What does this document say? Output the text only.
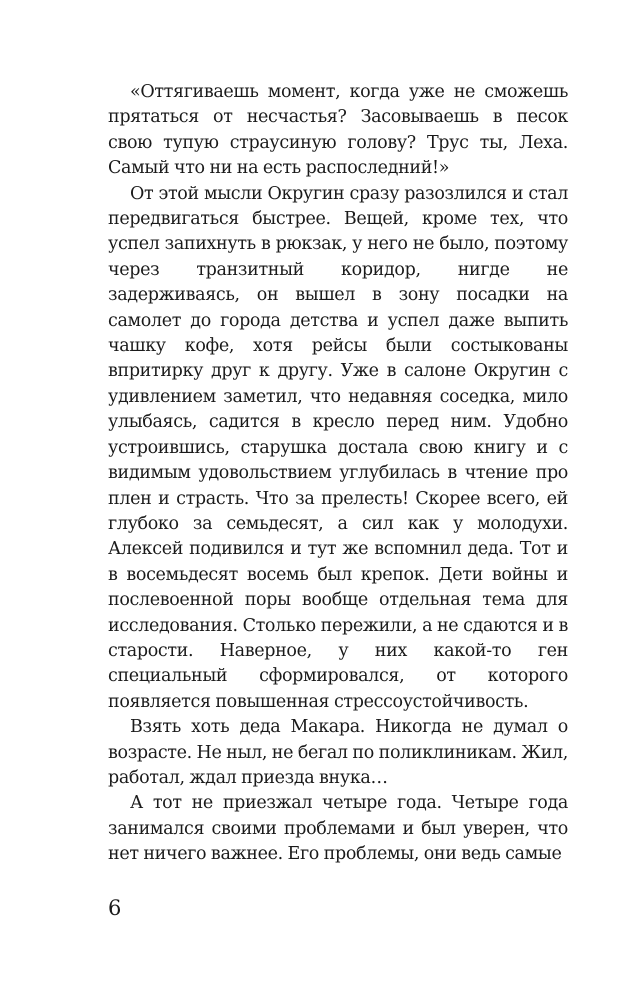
«Оттягиваешь момент, когда уже не сможешь прятаться от несчастья? Засовываешь в песок свою тупую страусиную голову? Трус ты, Леха. Самый что ни на есть распоследний!»

От этой мысли Округин сразу разозлился и стал передвигаться быстрее. Вещей, кроме тех, что успел запихнуть в рюкзак, у него не было, поэтому через транзитный коридор, нигде не задерживаясь, он вышел в зону посадки на самолет до города детства и успел даже выпить чашку кофе, хотя рейсы были состыкованы впритирку друг к другу. Уже в салоне Округин с удивлением заметил, что недавняя соседка, мило улыбаясь, садится в кресло перед ним. Удобно устроившись, старушка достала свою книгу и с видимым удовольствием углубилась в чтение про плен и страсть. Что за прелесть! Скорее всего, ей глубоко за семьдесят, а сил как у молодухи. Алексей подивился и тут же вспомнил деда. Тот и в восемьдесят восемь был крепок. Дети войны и послевоенной поры вообще отдельная тема для исследования. Столько пережили, а не сдаются и в старости. Наверное, у них какой-то ген специальный сформировался, от которого появляется повышенная стрессоустойчивость.

Взять хоть деда Макара. Никогда не думал о возрасте. Не ныл, не бегал по поликлиникам. Жил, работал, ждал приезда внука…

А тот не приезжал четыре года. Четыре года занимался своими проблемами и был уверен, что нет ничего важнее. Его проблемы, они ведь самые

6
